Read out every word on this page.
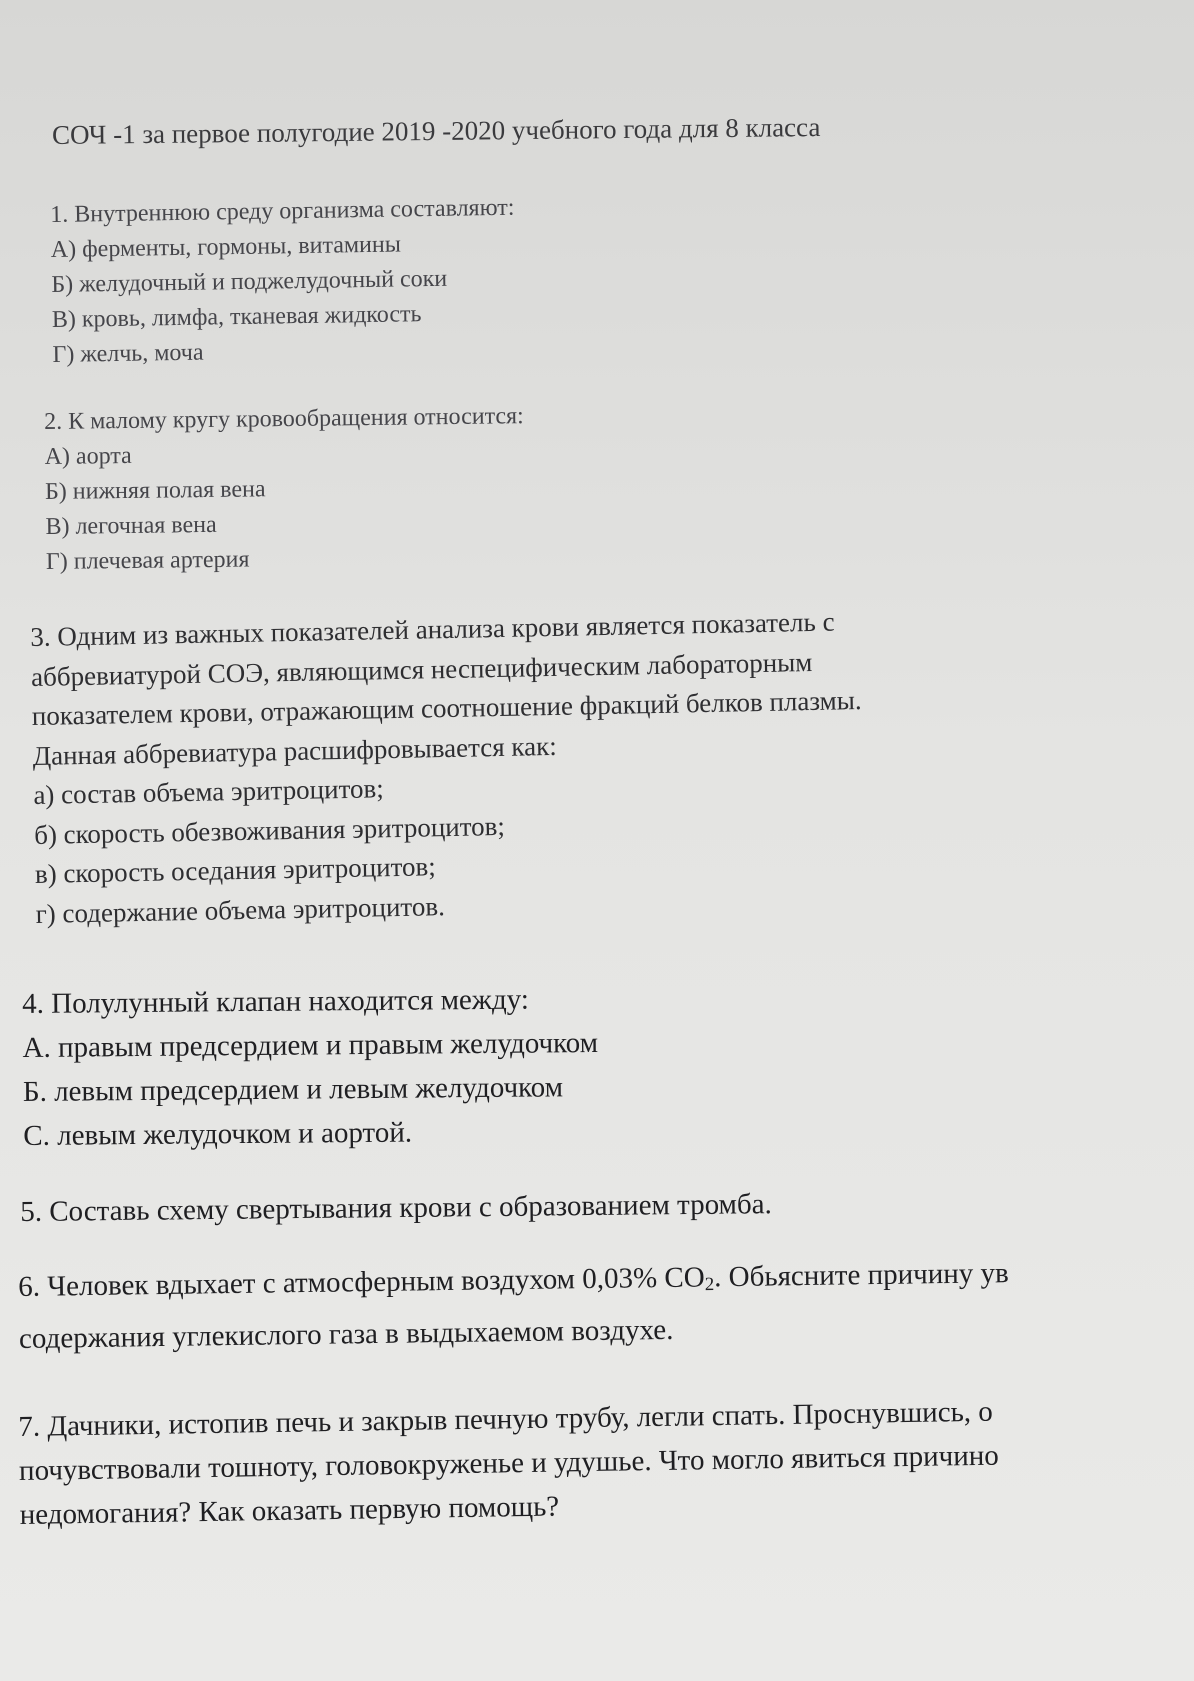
СОЧ -1 за первое полугодие 2019 -2020 учебного года для 8 класса
1. Внутреннюю среду организма составляют:
А) ферменты, гормоны, витамины
Б) желудочный и поджелудочный соки
В) кровь, лимфа, тканевая жидкость
Г) желчь, моча
2. К малому кругу кровообращения относится:
А) аорта
Б) нижняя полая вена
В) легочная вена
Г) плечевая артерия
3. Одним из важных показателей анализа крови является показатель с
аббревиатурой СОЭ, являющимся неспецифическим лабораторным
показателем крови, отражающим соотношение фракций белков плазмы.
Данная аббревиатура расшифровывается как:
а) состав объема эритроцитов;
б) скорость обезвоживания эритроцитов;
в) скорость оседания эритроцитов;
г) содержание объема эритроцитов.
4. Полулунный клапан находится между:
А. правым предсердием и правым желудочком
Б. левым предсердием и левым желудочком
С. левым желудочком и аортой.
5. Составь схему свертывания крови с образованием тромба.
6. Человек вдыхает с атмосферным воздухом 0,03% $СО_2$. Обьясните причину ув
содержания углекислого газа в выдыхаемом воздухе.
7. Дачники, истопив печь и закрыв печную трубу, легли спать. Проснувшись, о
почувствовали тошноту, головокруженье и удушье. Что могло явиться причино
недомогания? Как оказать первую помощь?
